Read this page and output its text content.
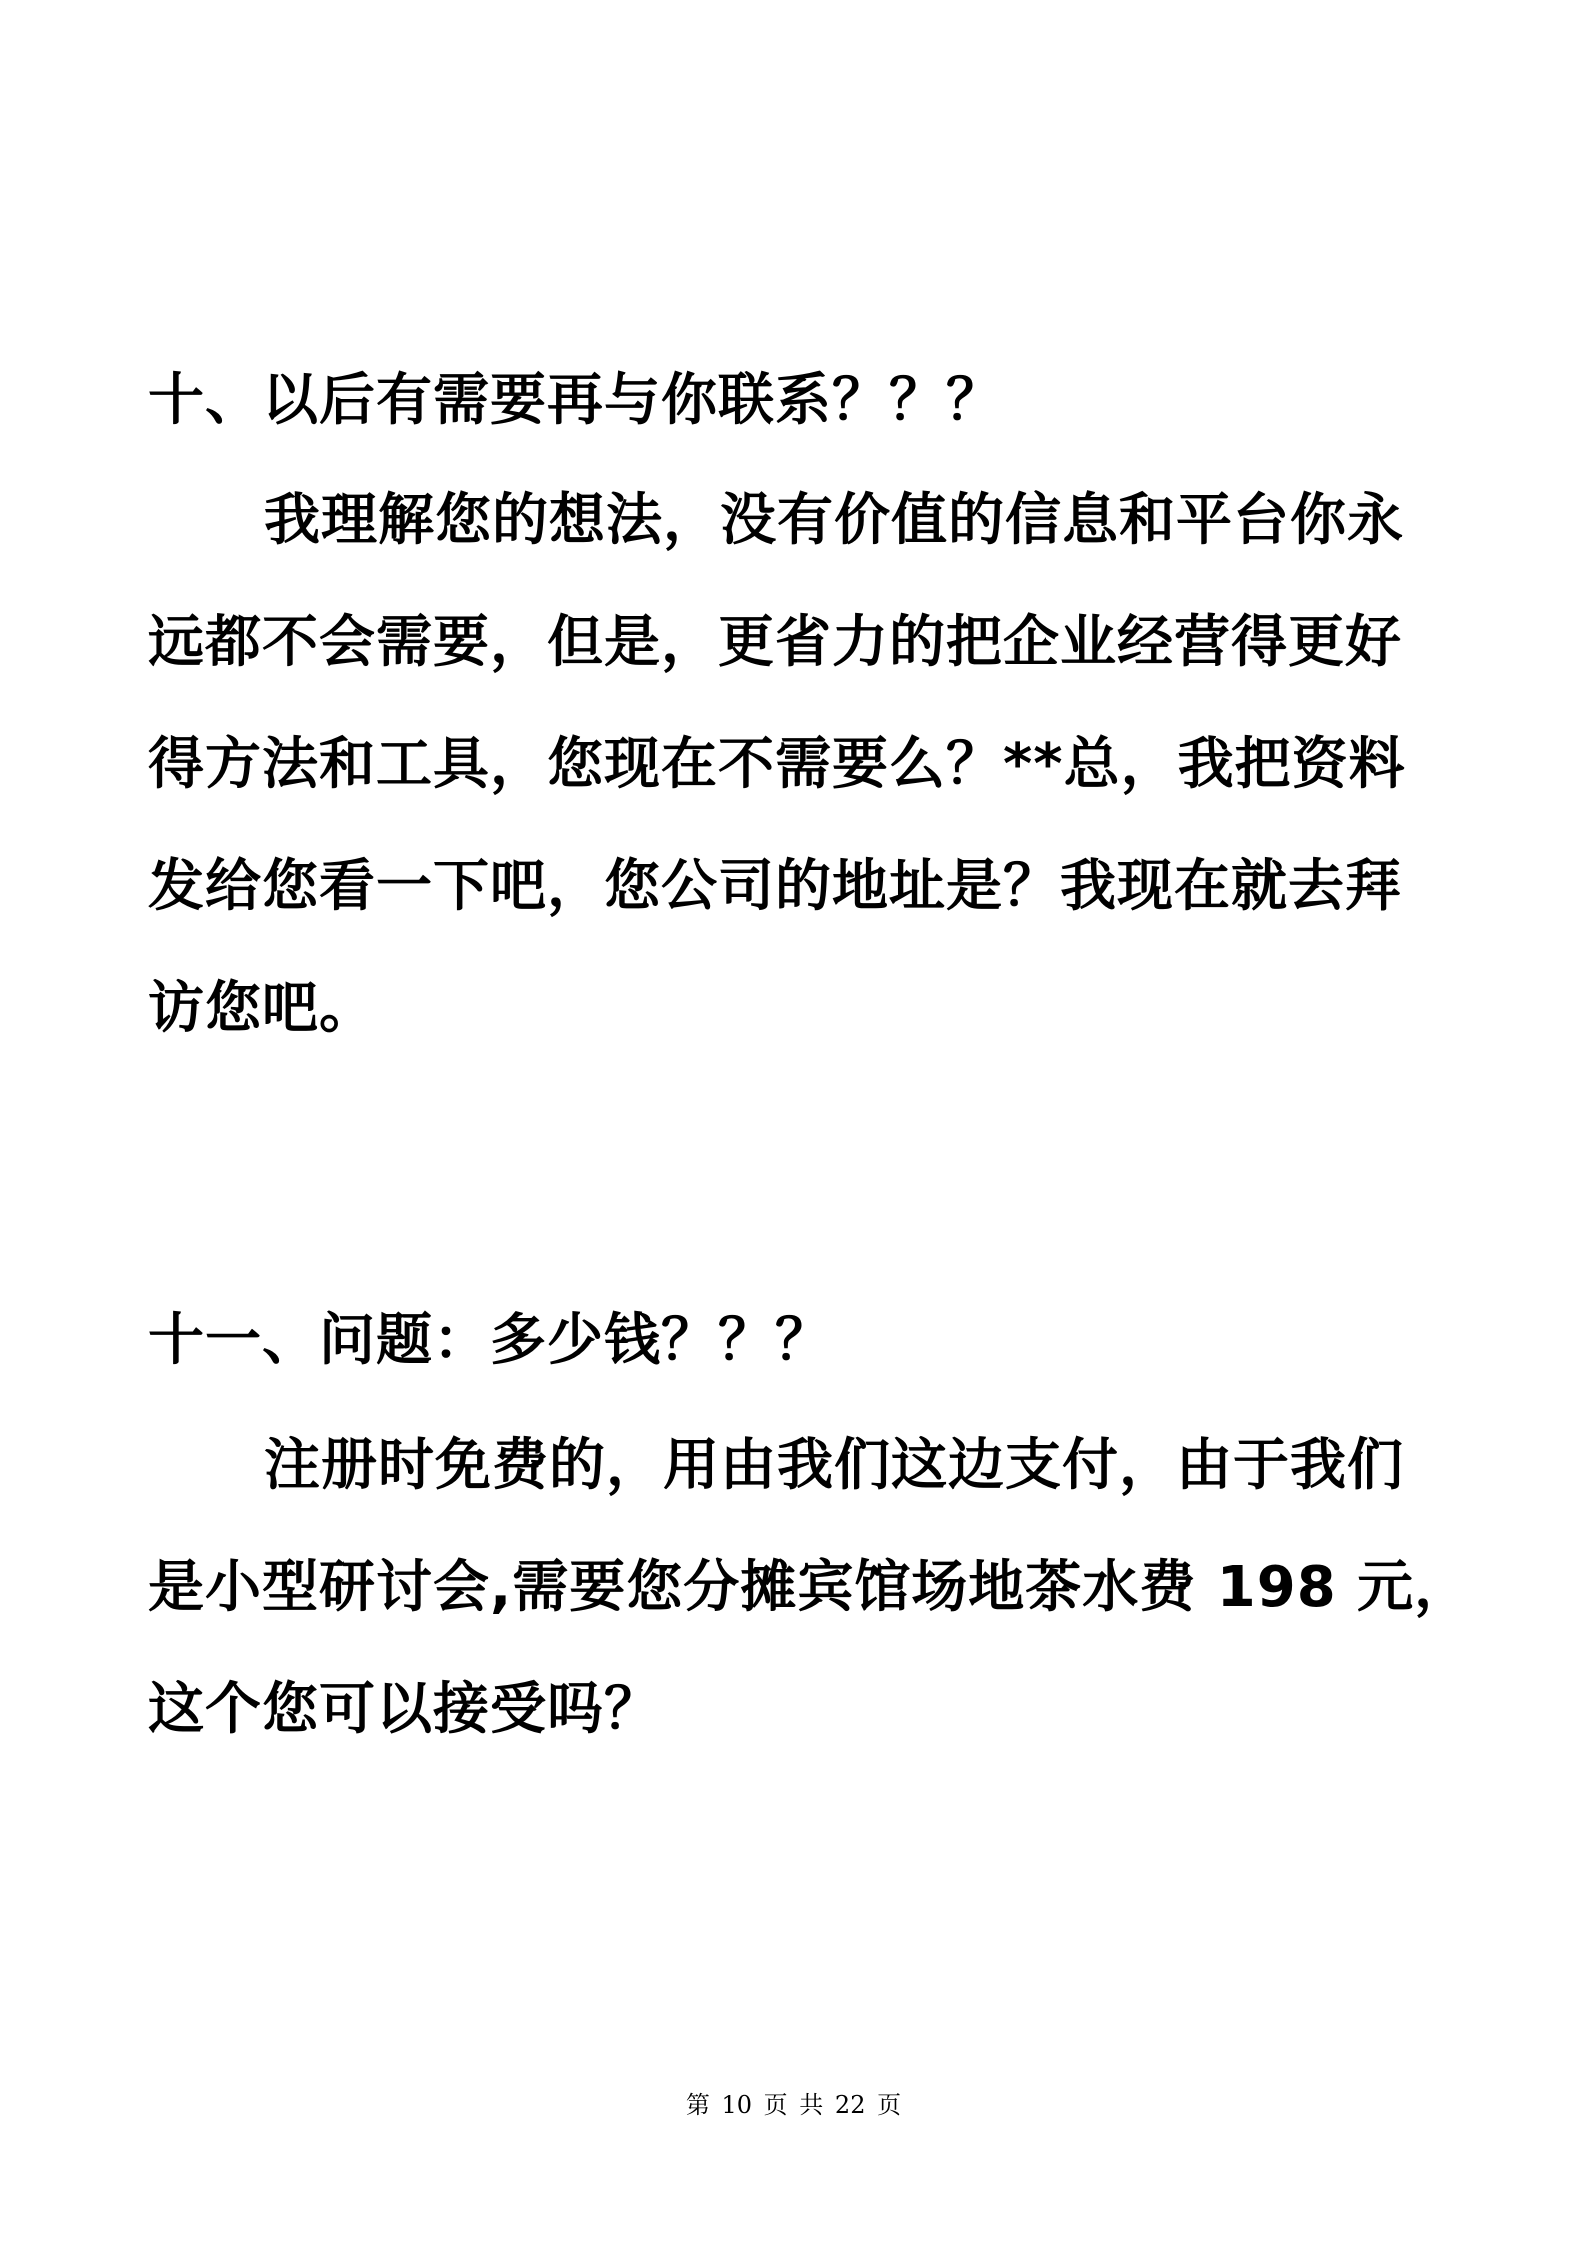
十、以后有需要再与你联系？？？
我理解您的想法，没有价值的信息和平台你永
远都不会需要，但是，更省力的把企业经营得更好
得方法和工具，您现在不需要么？**总，我把资料
发给您看一下吧，您公司的地址是？我现在就去拜
访您吧。
十一、问题：多少钱？？？
注册时免费的，用由我们这边支付，由于我们
是小型研讨会,需要您分摊宾馆场地茶水费 198 元，
这个您可以接受吗？
第 10 页 共 22 页
